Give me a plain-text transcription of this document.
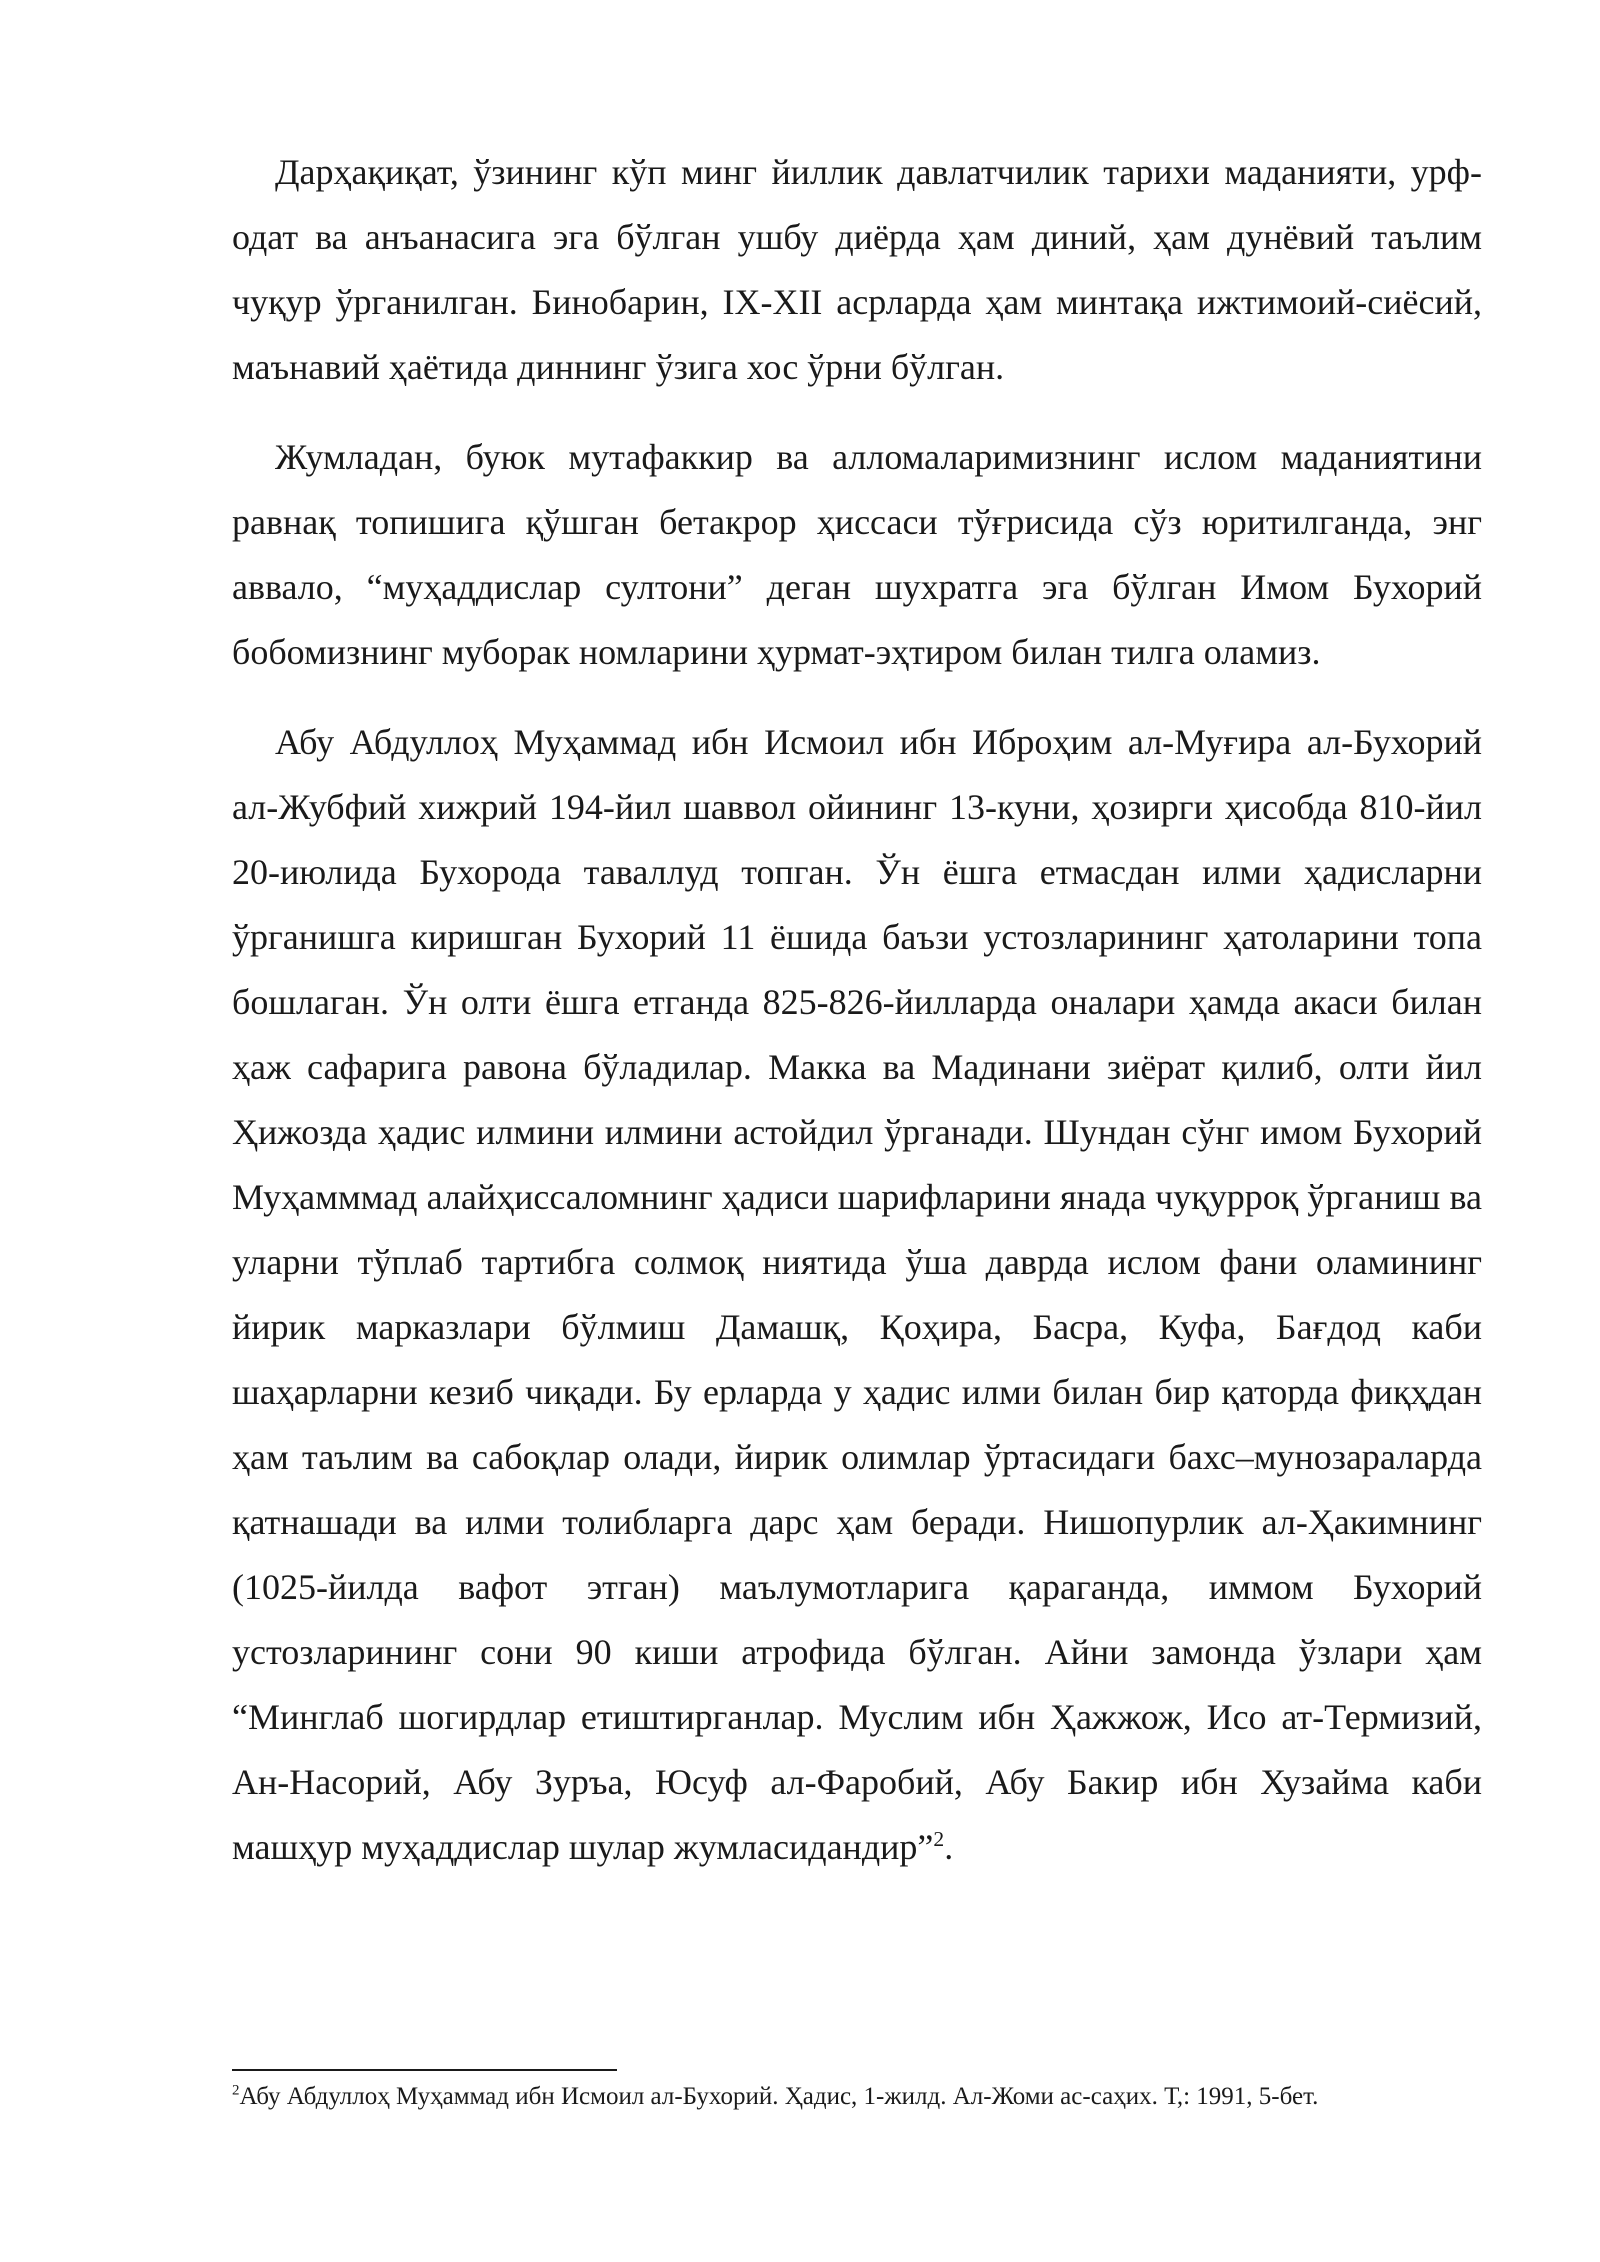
Дарҳақиқат, ўзининг кўп минг йиллик давлатчилик тарихи маданияти, урф-одат ва анъанасига эга бўлган ушбу диёрда ҳам диний, ҳам дунёвий таълим чуқур ўрганилган. Бинобарин, IX-XII асрларда ҳам минтақа ижтимоий-сиёсий, маънавий ҳаётида диннинг ўзига хос ўрни бўлган.

Жумладан, буюк мутафаккир ва алломаларимизнинг ислом маданиятини равнақ топишига қўшган бетакрор ҳиссаси тўғрисида сўз юритилганда, энг аввало, “муҳаддислар султони” деган шухратга эга бўлган Имом Бухорий бобомизнинг муборак номларини ҳурмат-эҳтиром билан тилга оламиз.

Абу Абдуллоҳ Муҳаммад ибн Исмоил ибн Иброҳим ал-Муғира ал-Бухорий ал-Жубфий хижрий 194-йил шаввол ойининг 13-куни, ҳозирги ҳисобда 810-йил 20-июлида Бухорода таваллуд топган. Ўн ёшга етмасдан илми ҳадисларни ўрганишга киришган Бухорий 11 ёшида баъзи устозларининг ҳатоларини топа бошлаган. Ўн олти ёшга етганда 825-826-йилларда оналари ҳамда акаси билан ҳаж сафарига равона бўладилар. Макка ва Мадинани зиёрат қилиб, олти йил Ҳижозда ҳадис илмини илмини астойдил ўрганади. Шундан сўнг имом Бухорий Муҳамммад алайҳиссаломнинг ҳадиси шарифларини янада чуқурроқ ўрганиш ва уларни тўплаб тартибга солмоқ ниятида ўша даврда ислом фани оламининг йирик марказлари бўлмиш Дамашқ, Қоҳира, Басра, Куфа, Бағдод каби шаҳарларни кезиб чиқади. Бу ерларда у ҳадис илми билан бир қаторда фиқҳдан ҳам таълим ва сабоқлар олади, йирик олимлар ўртасидаги бахс–мунозараларда қатнашади ва илми толибларга дарс ҳам беради. Нишопурлик ал-Ҳакимнинг (1025-йилда вафот этган) маълумотларига қараганда, иммом Бухорий устозларининг сони 90 киши атрофида бўлган. Айни замонда ўзлари ҳам “Минглаб шогирдлар етиштирганлар. Муслим ибн Ҳажжож, Исо ат-Термизий, Ан-Насорий, Абу Зуръа, Юсуф ал-Фаробий, Абу Бакир ибн Хузайма каби машҳур муҳаддислар шулар жумласидандир”$^2$.

$^2$Абу Абдуллоҳ Муҳаммад ибн Исмоил ал-Бухорий. Ҳадис, 1-жилд. Ал-Жоми ас-саҳих. Т,: 1991, 5-бет.
